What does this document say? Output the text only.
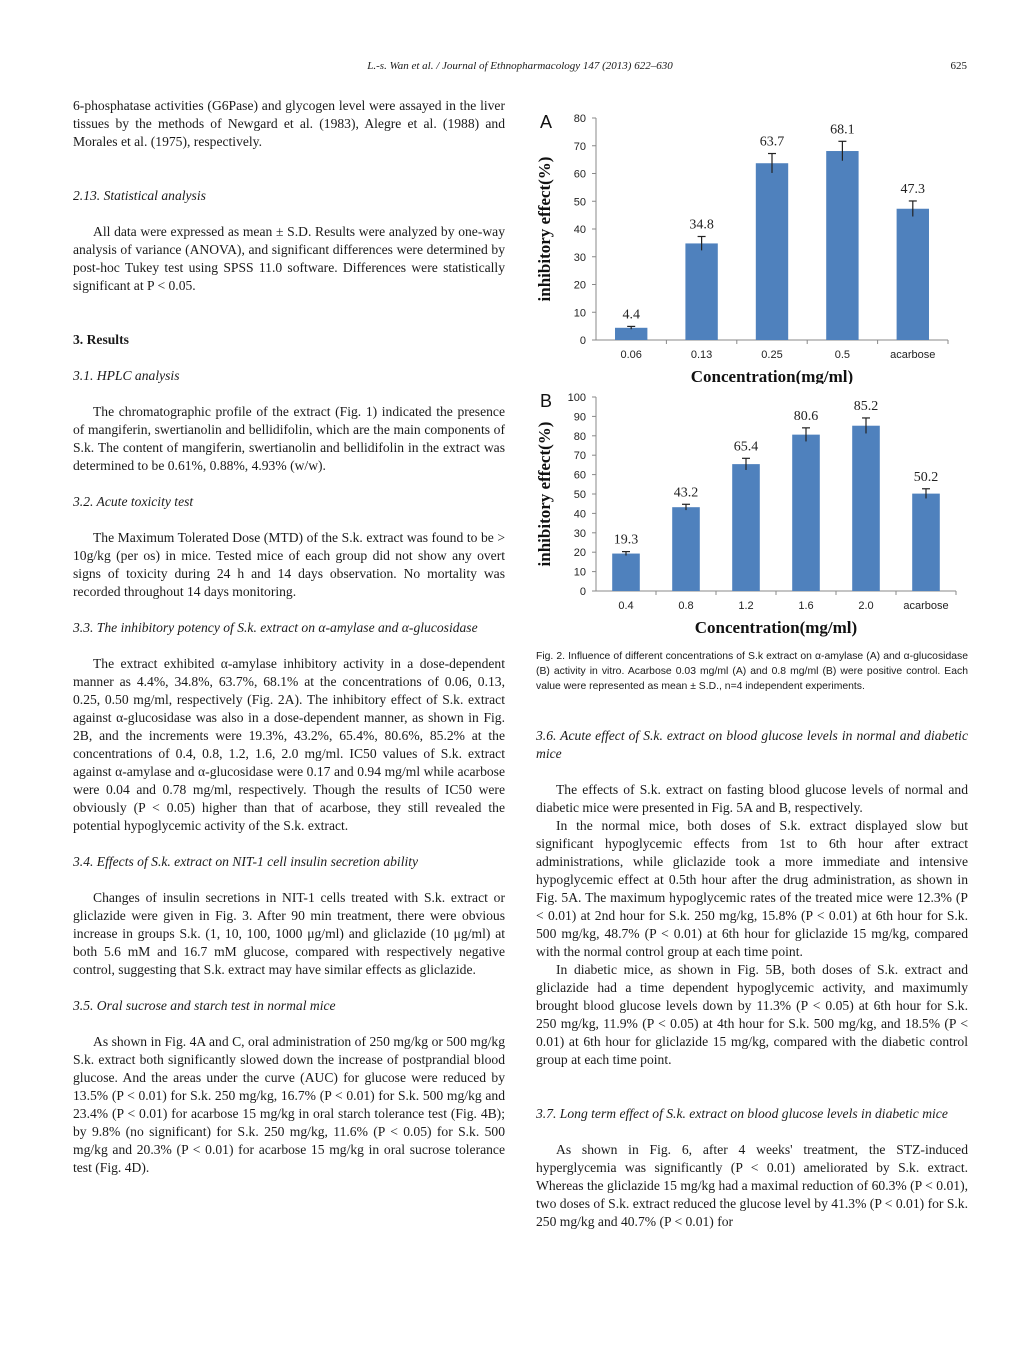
L.-s. Wan et al. / Journal of Ethnopharmacology 147 (2013) 622–630	625

6-phosphatase activities (G6Pase) and glycogen level were assayed in the liver tissues by the methods of Newgard et al. (1983), Alegre et al. (1988) and Morales et al. (1975), respectively.

2.13. Statistical analysis

All data were expressed as mean ± S.D. Results were analyzed by one-way analysis of variance (ANOVA), and significant differences were determined by post-hoc Tukey test using SPSS 11.0 software. Differences were statistically significant at P < 0.05.

3. Results
3.1. HPLC analysis

The chromatographic profile of the extract (Fig. 1) indicated the presence of mangiferin, swertianolin and bellidifolin, which are the main components of S.k. The content of mangiferin, swertianolin and bellidifolin in the extract was determined to be 0.61%, 0.88%, 4.93% (w/w).

3.2. Acute toxicity test

The Maximum Tolerated Dose (MTD) of the S.k. extract was found to be > 10g/kg (per os) in mice. Tested mice of each group did not show any overt signs of toxicity during 24 h and 14 days observation. No mortality was recorded throughout 14 days monitoring.

3.3. The inhibitory potency of S.k. extract on α-amylase and α-glucosidase

The extract exhibited α-amylase inhibitory activity in a dose-dependent manner as 4.4%, 34.8%, 63.7%, 68.1% at the concentrations of 0.06, 0.13, 0.25, 0.50 mg/ml, respectively (Fig. 2A). The inhibitory effect of S.k. extract against α-glucosidase was also in a dose-dependent manner, as shown in Fig. 2B, and the increments were 19.3%, 43.2%, 65.4%, 80.6%, 85.2% at the concentrations of 0.4, 0.8, 1.2, 1.6, 2.0 mg/ml. IC50 values of S.k. extract against α-amylase and α-glucosidase were 0.17 and 0.94 mg/ml while acarbose were 0.04 and 0.78 mg/ml, respectively. Though the results of IC50 were obviously (P < 0.05) higher than that of acarbose, they still revealed the potential hypoglycemic activity of the S.k. extract.

3.4. Effects of S.k. extract on NIT-1 cell insulin secretion ability

Changes of insulin secretions in NIT-1 cells treated with S.k. extract or gliclazide were given in Fig. 3. After 90 min treatment, there were obvious increase in groups S.k. (1, 10, 100, 1000 μg/ml) and gliclazide (10 μg/ml) at both 5.6 mM and 16.7 mM glucose, compared with respectively negative control, suggesting that S.k. extract may have similar effects as gliclazide.

3.5. Oral sucrose and starch test in normal mice

As shown in Fig. 4A and C, oral administration of 250 mg/kg or 500 mg/kg S.k. extract both significantly slowed down the increase of postprandial blood glucose. And the areas under the curve (AUC) for glucose were reduced by 13.5% (P < 0.01) for S.k. 250 mg/kg, 16.7% (P < 0.01) for S.k. 500 mg/kg and 23.4% (P < 0.01) for acarbose 15 mg/kg in oral starch tolerance test (Fig. 4B); by 9.8% (no significant) for S.k. 250 mg/kg, 11.6% (P < 0.05) for S.k. 500 mg/kg and 20.3% (P < 0.01) for acarbose 15 mg/kg in oral sucrose tolerance test (Fig. 4D).

A
inhibitory effect(%)
0
10
20
30
40
50
60
70
80
0.06
4.4
0.13
34.8
0.25
63.7
0.5
68.1
acarbose
47.3
Concentration(mg/ml)

B
inhibitory effect(%)
0
10
20
30
40
50
60
70
80
90
100
0.4
19.3
0.8
43.2
1.2
65.4
1.6
80.6
2.0
85.2
acarbose
50.2
Concentration(mg/ml)
Fig. 2. Influence of different concentrations of S.k extract on α-amylase (A) and α-glucosidase (B) activity in vitro. Acarbose 0.03 mg/ml (A) and 0.8 mg/ml (B) were positive control. Each value were represented as mean ± S.D., n=4 independent experiments.
3.6. Acute effect of S.k. extract on blood glucose levels in normal and diabetic mice

The effects of S.k. extract on fasting blood glucose levels of normal and diabetic mice were presented in Fig. 5A and B, respectively.

In the normal mice, both doses of S.k. extract displayed slow but significant hypoglycemic effects from 1st to 6th hour after extract administrations, while gliclazide took a more immediate and intensive hypoglycemic effect at 0.5th hour after the drug administration, as shown in Fig. 5A. The maximum hypoglycemic rates of the treated mice were 12.3% (P < 0.01) at 2nd hour for S.k. 250 mg/kg, 15.8% (P < 0.01) at 6th hour for S.k. 500 mg/kg, 48.7% (P < 0.01) at 6th hour for gliclazide 15 mg/kg, compared with the normal control group at each time point.

In diabetic mice, as shown in Fig. 5B, both doses of S.k. extract and gliclazide had a time dependent hypoglycemic activity, and maximumly brought blood glucose levels down by 11.3% (P < 0.05) at 6th hour for S.k. 250 mg/kg, 11.9% (P < 0.05) at 4th hour for S.k. 500 mg/kg, and 18.5% (P < 0.01) at 6th hour for gliclazide 15 mg/kg, compared with the diabetic control group at each time point.

3.7. Long term effect of S.k. extract on blood glucose levels in diabetic mice

As shown in Fig. 6, after 4 weeks' treatment, the STZ-induced hyperglycemia was significantly (P < 0.01) ameliorated by S.k. extract. Whereas the gliclazide 15 mg/kg had a maximal reduction of 60.3% (P < 0.01), two doses of S.k. extract reduced the glucose level by 41.3% (P < 0.01) for S.k. 250 mg/kg and 40.7% (P < 0.01) for
